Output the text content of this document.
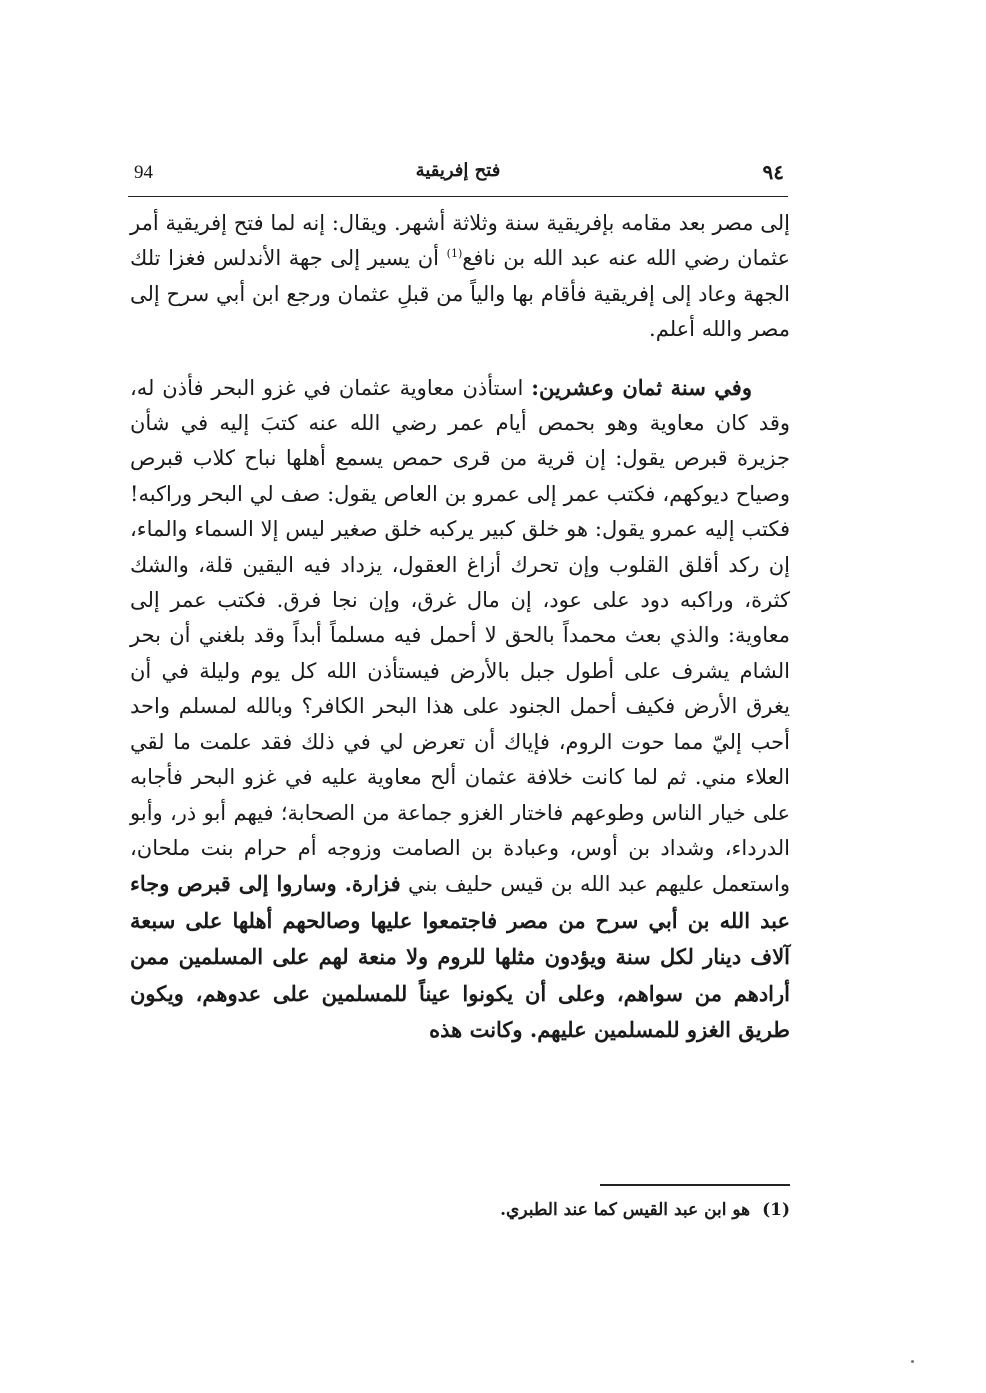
94	فتح إفريقية	٩٤

إلى مصر بعد مقامه بإفريقية سنة وثلاثة أشهر. ويقال: إنه لما فتح إفريقية أمر عثمان رضي الله عنه عبد الله بن نافع$^{(1)}$ أن يسير إلى جهة الأندلس فغزا تلك الجهة وعاد إلى إفريقية فأقام بها والياً من قبلِ عثمان ورجع ابن أبي سرح إلى مصر والله أعلم.

وفي سنة ثمان وعشرين: استأذن معاوية عثمان في غزو البحر فأذن له، وقد كان معاوية وهو بحمص أيام عمر رضي الله عنه كتبَ إليه في شأن جزيرة قبرص يقول: إن قرية من قرى حمص يسمع أهلها نباح كلاب قبرص وصياح ديوكهم، فكتب عمر إلى عمرو بن العاص يقول: صف لي البحر وراكبه! فكتب إليه عمرو يقول: هو خلق كبير يركبه خلق صغير ليس إلا السماء والماء، إن ركد أقلق القلوب وإن تحرك أزاغ العقول، يزداد فيه اليقين قلة، والشك كثرة، وراكبه دود على عود، إن مال غرق، وإن نجا فرق. فكتب عمر إلى معاوية: والذي بعث محمداً بالحق لا أحمل فيه مسلماً أبداً وقد بلغني أن بحر الشام يشرف على أطول جبل بالأرض فيستأذن الله كل يوم وليلة في أن يغرق الأرض فكيف أحمل الجنود على هذا البحر الكافر؟ وبالله لمسلم واحد أحب إليّ مما حوت الروم، فإياك أن تعرض لي في ذلك فقد علمت ما لقي العلاء مني. ثم لما كانت خلافة عثمان ألح معاوية عليه في غزو البحر فأجابه على خيار الناس وطوعهم فاختار الغزو جماعة من الصحابة؛ فيهم أبو ذر، وأبو الدرداء، وشداد بن أوس، وعبادة بن الصامت وزوجه أم حرام بنت ملحان، واستعمل عليهم عبد الله بن قيس حليف بني فزارة. وساروا إلى قبرص وجاء عبد الله بن أبي سرح من مصر فاجتمعوا عليها وصالحهم أهلها على سبعة آلاف دينار لكل سنة ويؤدون مثلها للروم ولا منعة لهم على المسلمين ممن أرادهم من سواهم، وعلى أن يكونوا عيناً للمسلمين على عدوهم، ويكون طريق الغزو للمسلمين عليهم. وكانت هذه

(1) هو ابن عبد القيس كما عند الطبري.
